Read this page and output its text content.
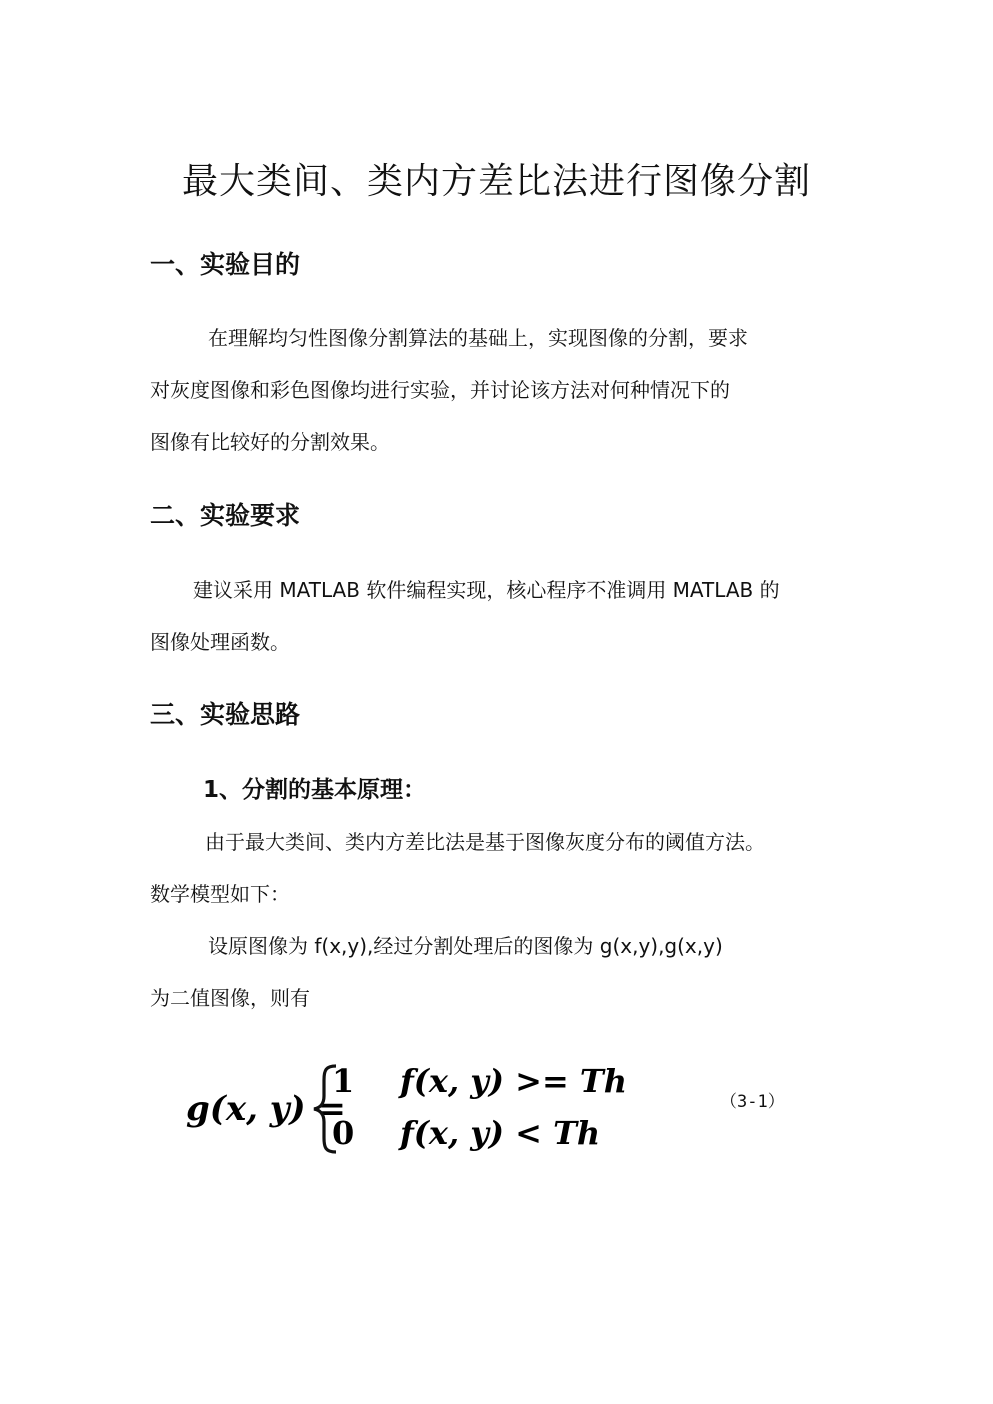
最大类间、类内方差比法进行图像分割
一、实验目的
在理解均匀性图像分割算法的基础上，实现图像的分割，要求
对灰度图像和彩色图像均进行实验，并讨论该方法对何种情况下的
图像有比较好的分割效果。
二、实验要求
建议采用 MATLAB 软件编程实现，核心程序不准调用 MATLAB 的
图像处理函数。
三、实验思路
1、分割的基本原理：
由于最大类间、类内方差比法是基于图像灰度分布的阈值方法。
数学模型如下：
设原图像为 f(x,y),经过分割处理后的图像为 g(x,y),g(x,y)
为二值图像，则有
g(x, y) =
1 f(x, y) >= Th
0 f(x, y) < Th
（3-1）
